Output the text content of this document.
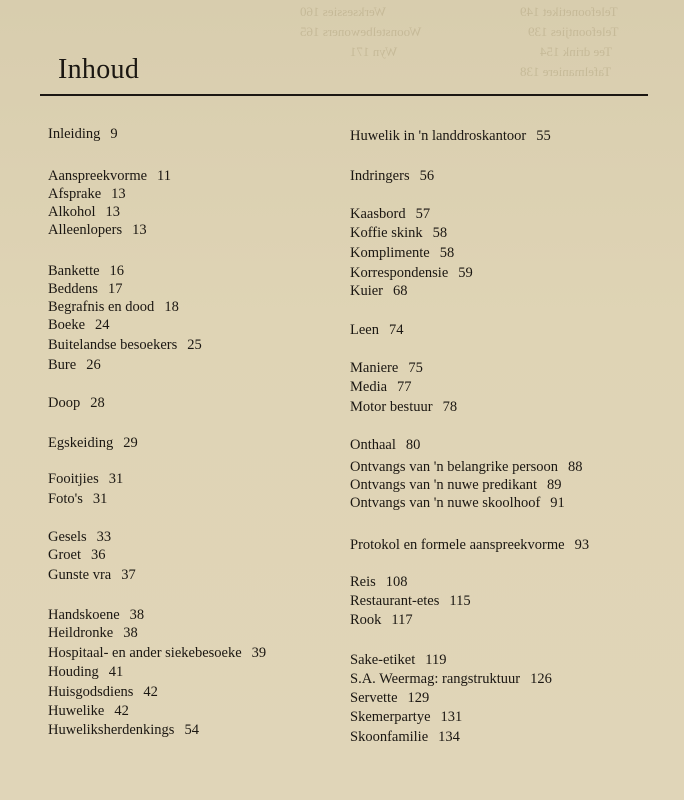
Telefoonetiket 149
Telefoontjies 139
Tee drink 154
Tafelmaniere 138
Werksessies 160
Woonstelbewoners 165
Wyn 171
Inhoud
Inleiding 9
Aanspreekvorme 11
Afsprake 13
Alkohol 13
Alleenlopers 13
Bankette 16
Beddens 17
Begrafnis en dood 18
Boeke 24
Buitelandse besoekers 25
Bure 26
Doop 28
Egskeiding 29
Fooitjies 31
Foto's 31
Gesels 33
Groet 36
Gunste vra 37
Handskoene 38
Heildronke 38
Hospitaal- en ander siekebesoeke 39
Houding 41
Huisgodsdiens 42
Huwelike 42
Huweliksherdenkings 54
Huwelik in 'n landdroskantoor 55
Indringers 56
Kaasbord 57
Koffie skink 58
Komplimente 58
Korrespondensie 59
Kuier 68
Leen 74
Maniere 75
Media 77
Motor bestuur 78
Onthaal 80
Ontvangs van 'n belangrike persoon 88
Ontvangs van 'n nuwe predikant 89
Ontvangs van 'n nuwe skoolhoof 91
Protokol en formele aanspreekvorme 93
Reis 108
Restaurant-etes 115
Rook 117
Sake-etiket 119
S.A. Weermag: rangstruktuur 126
Servette 129
Skemerpartye 131
Skoonfamilie 134
